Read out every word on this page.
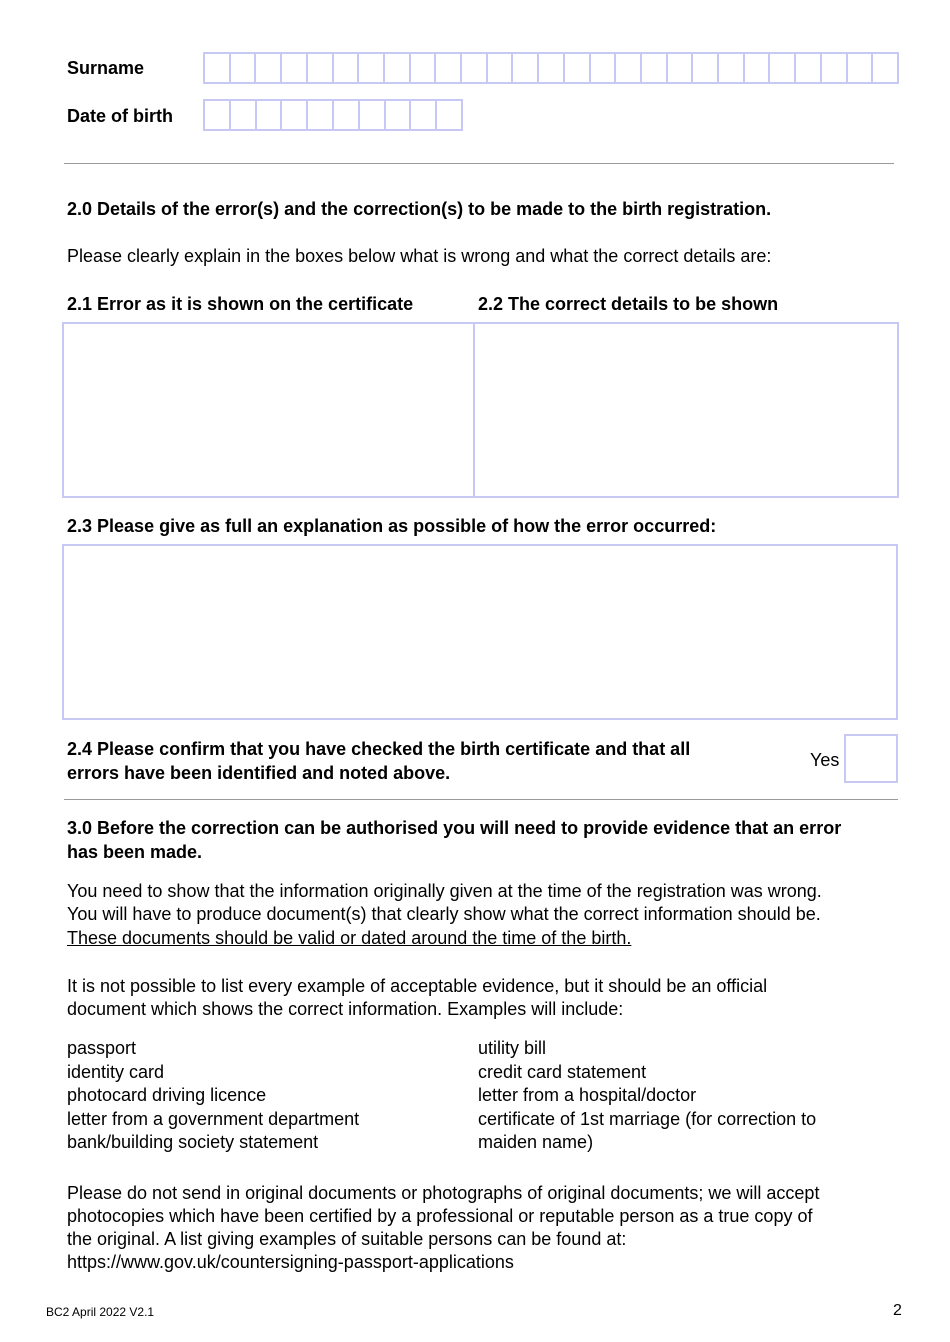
Surname
Date of birth
2.0 Details of the error(s) and the correction(s) to be made to the birth registration.
Please clearly explain in the boxes below what is wrong and what the correct details are:
2.1 Error as it is shown on the certificate	2.2 The correct details to be shown
2.3 Please give as full an explanation as possible of how the error occurred:
2.4 Please confirm that you have checked the birth certificate and that all
errors have been identified and noted above.
Yes
3.0 Before the correction can be authorised you will need to provide evidence that an error
has been made.
You need to show that the information originally given at the time of the registration was wrong.
You will have to produce document(s) that clearly show what the correct information should be.
These documents should be valid or dated around the time of the birth.
It is not possible to list every example of acceptable evidence, but it should be an official
document which shows the correct information. Examples will include:
passport
identity card
photocard driving licence
letter from a government department
bank/building society statement
utility bill
credit card statement
letter from a hospital/doctor
certificate of 1st marriage (for correction to
maiden name)
Please do not send in original documents or photographs of original documents; we will accept
photocopies which have been certified by a professional or reputable person as a true copy of
the original. A list giving examples of suitable persons can be found at:
https://www.gov.uk/countersigning-passport-applications
BC2 April 2022 V2.1	2
